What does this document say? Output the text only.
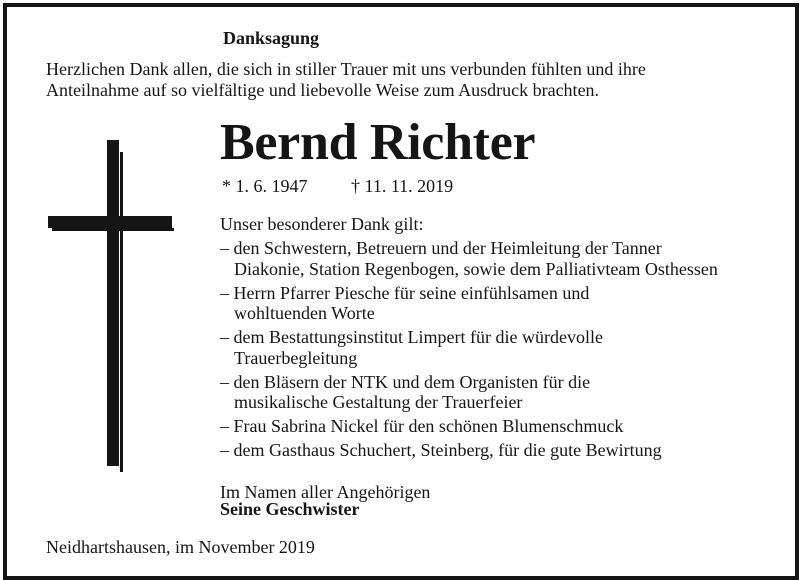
Danksagung
Herzlichen Dank allen, die sich in stiller Trauer mit uns verbunden fühlten und ihre
Anteilnahme auf so vielfältige und liebevolle Weise zum Ausdruck brachten.
Bernd Richter
* 1. 6. 1947 † 11. 11. 2019
Unser besonderer Dank gilt:
– den Schwestern, Betreuern und der Heimleitung der Tanner
Diakonie, Station Regenbogen, sowie dem Palliativteam Osthessen
– Herrn Pfarrer Piesche für seine einfühlsamen und
wohltuenden Worte
– dem Bestattungsinstitut Limpert für die würdevolle
Trauerbegleitung
– den Bläsern der NTK und dem Organisten für die
musikalische Gestaltung der Trauerfeier
– Frau Sabrina Nickel für den schönen Blumenschmuck
– dem Gasthaus Schuchert, Steinberg, für die gute Bewirtung
Im Namen aller Angehörigen
Seine Geschwister
Neidhartshausen, im November 2019
